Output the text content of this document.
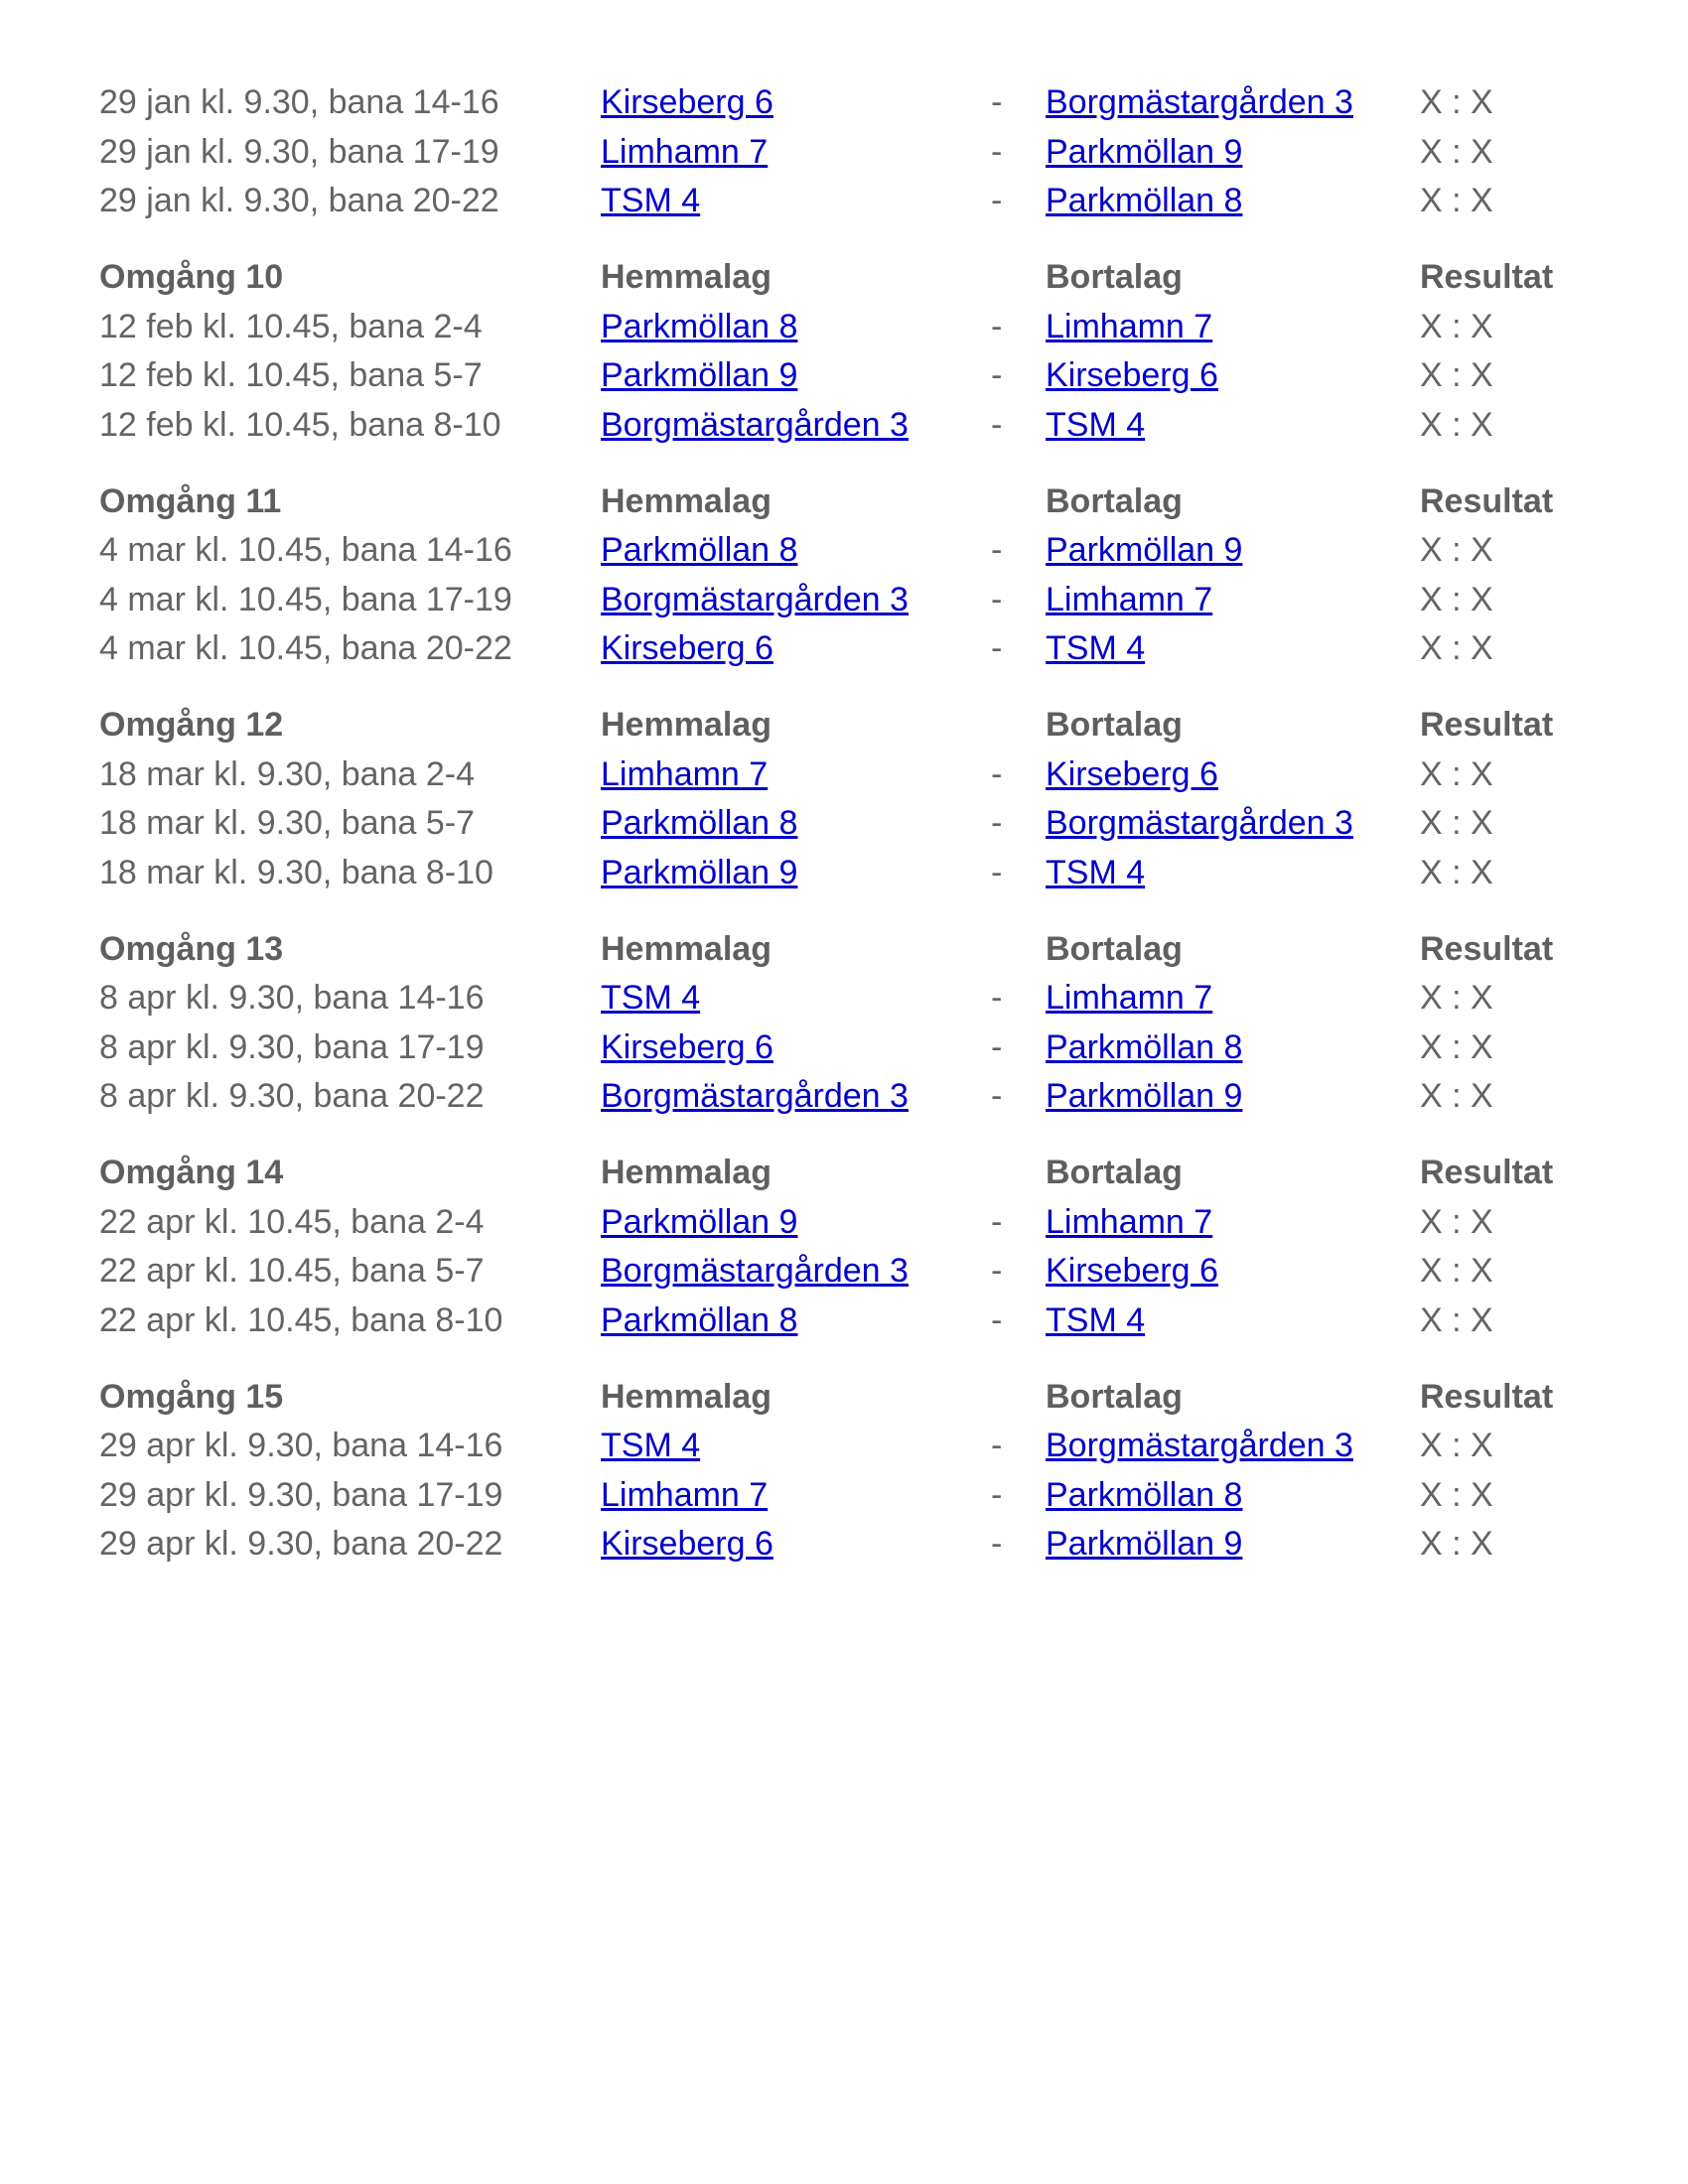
29 jan kl. 9.30, bana 14-16	Kirseberg 6	- Borgmästargården 3 X : X
29 jan kl. 9.30, bana 17-19	Limhamn 7	- Parkmöllan 9	X : X
29 jan kl. 9.30, bana 20-22	TSM 4	- Parkmöllan 8	X : X
Omgång 10	Hemmalag	Bortalag	Resultat
12 feb kl. 10.45, bana 2-4	Parkmöllan 8	- Limhamn 7	X : X
12 feb kl. 10.45, bana 5-7	Parkmöllan 9	- Kirseberg 6	X : X
12 feb kl. 10.45, bana 8-10	Borgmästargården 3 - TSM 4	X : X
Omgång 11	Hemmalag	Bortalag	Resultat
4 mar kl. 10.45, bana 14-16	Parkmöllan 8	- Parkmöllan 9	X : X
4 mar kl. 10.45, bana 17-19	Borgmästargården 3 - Limhamn 7	X : X
4 mar kl. 10.45, bana 20-22	Kirseberg 6	- TSM 4	X : X
Omgång 12	Hemmalag	Bortalag	Resultat
18 mar kl. 9.30, bana 2-4	Limhamn 7	- Kirseberg 6	X : X
18 mar kl. 9.30, bana 5-7	Parkmöllan 8	- Borgmästargården 3 X : X
18 mar kl. 9.30, bana 8-10	Parkmöllan 9	- TSM 4	X : X
Omgång 13	Hemmalag	Bortalag	Resultat
8 apr kl. 9.30, bana 14-16	TSM 4	- Limhamn 7	X : X
8 apr kl. 9.30, bana 17-19	Kirseberg 6	- Parkmöllan 8	X : X
8 apr kl. 9.30, bana 20-22	Borgmästargården 3 - Parkmöllan 9	X : X
Omgång 14	Hemmalag	Bortalag	Resultat
22 apr kl. 10.45, bana 2-4	Parkmöllan 9	- Limhamn 7	X : X
22 apr kl. 10.45, bana 5-7	Borgmästargården 3 - Kirseberg 6	X : X
22 apr kl. 10.45, bana 8-10	Parkmöllan 8	- TSM 4	X : X
Omgång 15	Hemmalag	Bortalag	Resultat
29 apr kl. 9.30, bana 14-16	TSM 4	- Borgmästargården 3 X : X
29 apr kl. 9.30, bana 17-19	Limhamn 7	- Parkmöllan 8	X : X
29 apr kl. 9.30, bana 20-22	Kirseberg 6	- Parkmöllan 9	X : X
